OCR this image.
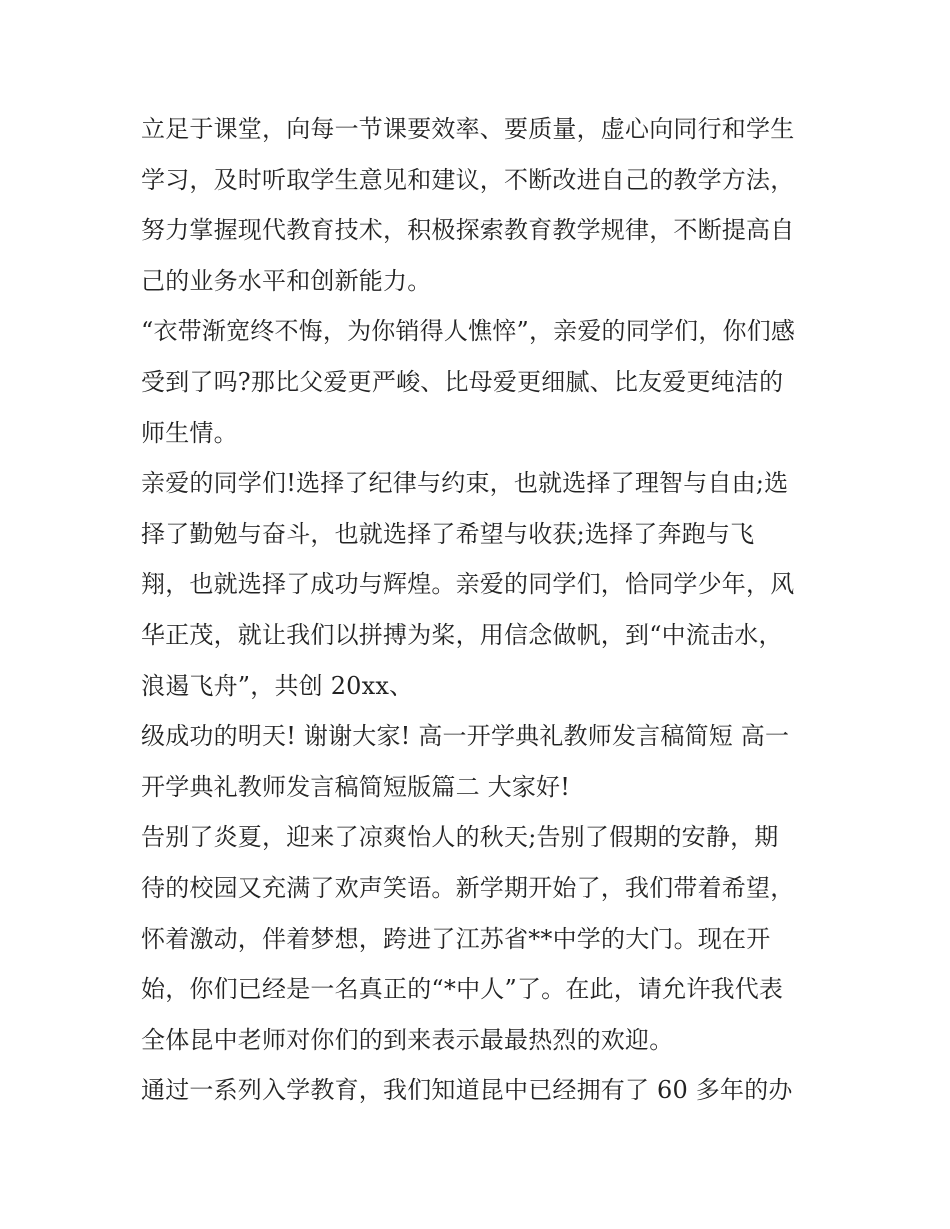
立足于课堂，向每一节课要效率、要质量，虚心向同行和学生
学习，及时听取学生意见和建议，不断改进自己的教学方法，
努力掌握现代教育技术，积极探索教育教学规律，不断提高自
己的业务水平和创新能力。
“衣带渐宽终不悔，为你销得人憔悴”，亲爱的同学们，你们感
受到了吗?那比父爱更严峻、比母爱更细腻、比友爱更纯洁的
师生情。
亲爱的同学们!选择了纪律与约束，也就选择了理智与自由;选
择了勤勉与奋斗，也就选择了希望与收获;选择了奔跑与飞
翔，也就选择了成功与辉煌。亲爱的同学们，恰同学少年，风
华正茂，就让我们以拼搏为桨，用信念做帆，到“中流击水，
浪遏飞舟”，共创 20xx、
级成功的明天! 谢谢大家! 高一开学典礼教师发言稿简短 高一
开学典礼教师发言稿简短版篇二 大家好!
告别了炎夏，迎来了凉爽怡人的秋天;告别了假期的安静，期
待的校园又充满了欢声笑语。新学期开始了，我们带着希望，
怀着激动，伴着梦想，跨进了江苏省**中学的大门。现在开
始，你们已经是一名真正的“*中人”了。在此，请允许我代表
全体昆中老师对你们的到来表示最最热烈的欢迎。
通过一系列入学教育，我们知道昆中已经拥有了 60 多年的办
